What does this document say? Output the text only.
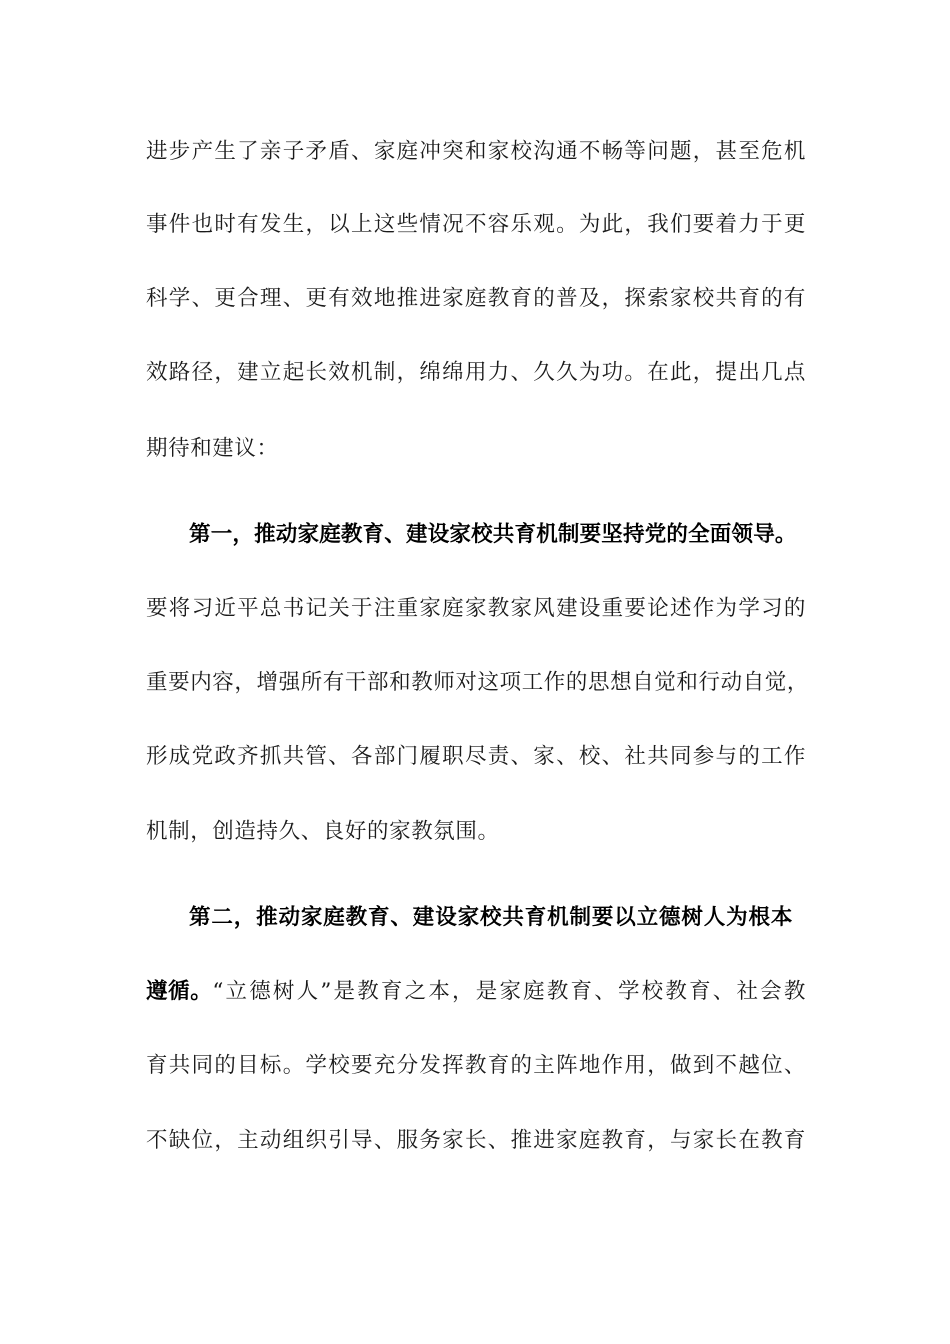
进步产生了亲子矛盾、家庭冲突和家校沟通不畅等问题，甚至危机
事件也时有发生，以上这些情况不容乐观。为此，我们要着力于更
科学、更合理、更有效地推进家庭教育的普及，探索家校共育的有
效路径，建立起长效机制，绵绵用力、久久为功。在此，提出几点
期待和建议：
第一，推动家庭教育、建设家校共育机制要坚持党的全面领导。
要将习近平总书记关于注重家庭家教家风建设重要论述作为学习的
重要内容，增强所有干部和教师对这项工作的思想自觉和行动自觉，
形成党政齐抓共管、各部门履职尽责、家、校、社共同参与的工作
机制，创造持久、良好的家教氛围。
第二，推动家庭教育、建设家校共育机制要以立德树人为根本
遵循。 “立德树人”是教育之本，是家庭教育、学校教育、社会教
育共同的目标。学校要充分发挥教育的主阵地作用，做到不越位、
不缺位，主动组织引导、服务家长、推进家庭教育，与家长在教育
